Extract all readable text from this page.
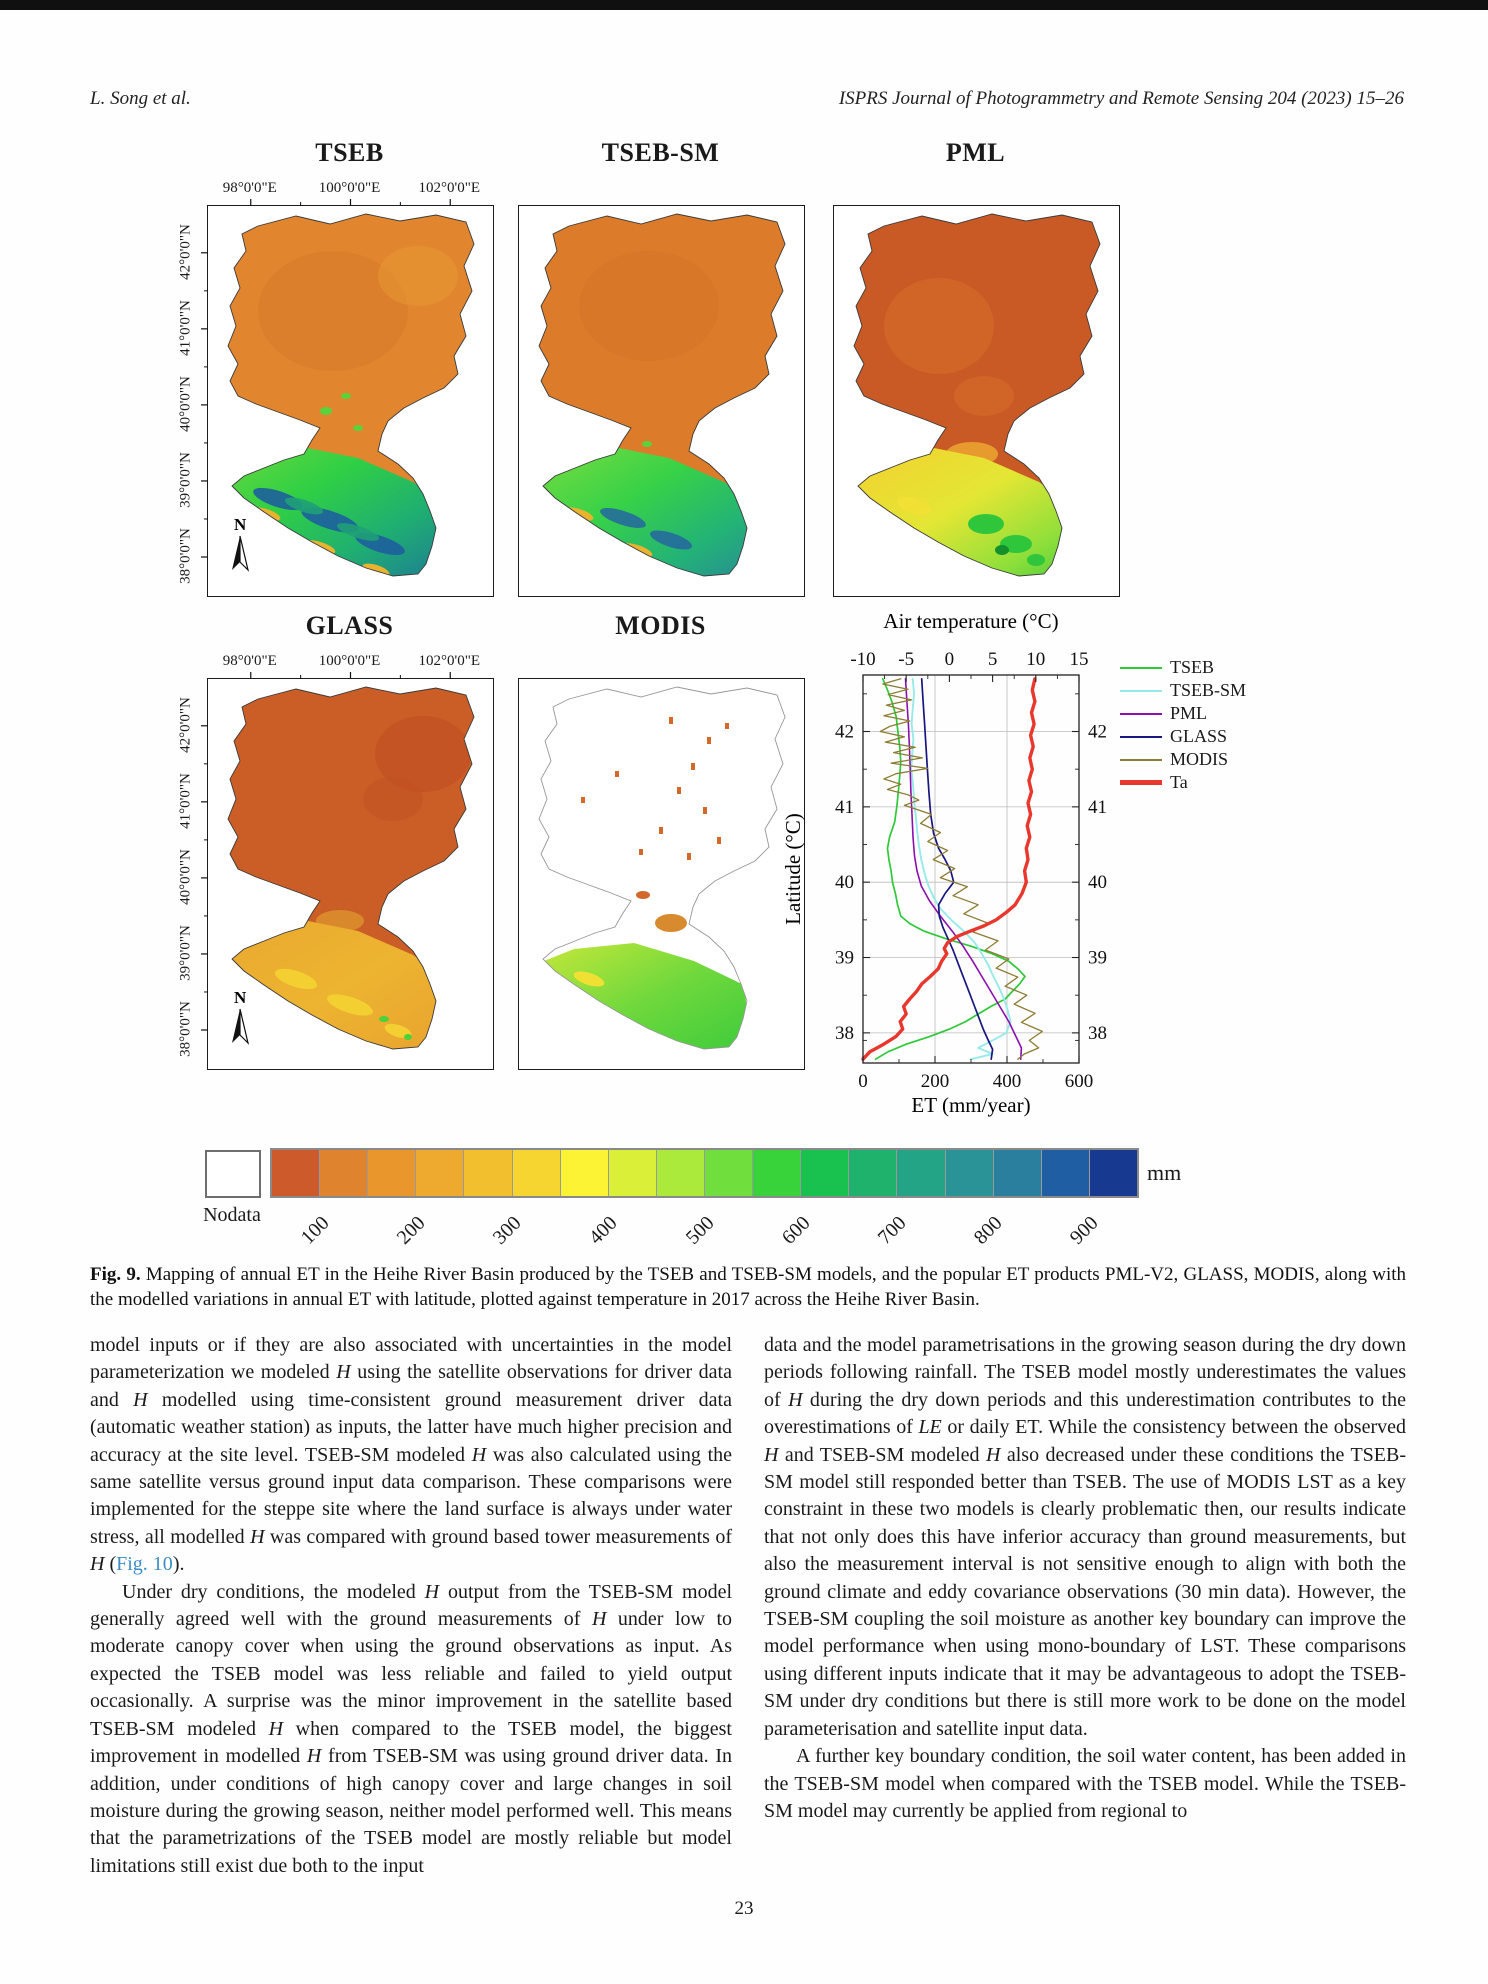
L. Song et al.	ISPRS Journal of Photogrammetry and Remote Sensing 204 (2023) 15–26
TSEB	TSEB-SM	PML
GLASS	MODIS
98°0'0"E	100°0'0"E	102°0'0"E
98°0'0"E	100°0'0"E	102°0'0"E
42°0'0"N
41°0'0"N
40°0'0"N
39°0'0"N
38°0'0"N
42°0'0"N
41°0'0"N
40°0'0"N
39°0'0"N
38°0'0"N
N
N
Air temperature (°C)
ET (mm/year)
Latitude (°C)
-10 -5 0 5 10 15
0	200 400 600
42	42
41	41
40	40
39	39
38	38
TSEB
TSEB-SM
PML
GLASS
MODIS
Ta
Nodata	100	200	300	400	500	600	700	800	900
mm
Fig. 9. Mapping of annual ET in the Heihe River Basin produced by the TSEB and TSEB-SM models, and the popular ET products PML-V2, GLASS, MODIS, along with the modelled variations in annual ET with latitude, plotted against temperature in 2017 across the Heihe River Basin.

model inputs or if they are also associated with uncertainties in the model parameterization we modeled H using the satellite observations for driver data and H modelled using time-consistent ground measurement driver data (automatic weather station) as inputs, the latter have much higher precision and accuracy at the site level. TSEB-SM modeled H was also calculated using the same satellite versus ground input data comparison. These comparisons were implemented for the steppe site where the land surface is always under water stress, all modelled H was compared with ground based tower measurements of H (Fig. 10).

Under dry conditions, the modeled H output from the TSEB-SM model generally agreed well with the ground measurements of H under low to moderate canopy cover when using the ground observations as input. As expected the TSEB model was less reliable and failed to yield output occasionally. A surprise was the minor improvement in the satellite based TSEB-SM modeled H when compared to the TSEB model, the biggest improvement in modelled H from TSEB-SM was using ground driver data. In addition, under conditions of high canopy cover and large changes in soil moisture during the growing season, neither model performed well. This means that the parametrizations of the TSEB model are mostly reliable but model limitations still exist due both to the input

data and the model parametrisations in the growing season during the dry down periods following rainfall. The TSEB model mostly underestimates the values of H during the dry down periods and this underestimation contributes to the overestimations of LE or daily ET. While the consistency between the observed H and TSEB-SM modeled H also decreased under these conditions the TSEB-SM model still responded better than TSEB. The use of MODIS LST as a key constraint in these two models is clearly problematic then, our results indicate that not only does this have inferior accuracy than ground measurements, but also the measurement interval is not sensitive enough to align with both the ground climate and eddy covariance observations (30 min data). However, the TSEB-SM coupling the soil moisture as another key boundary can improve the model performance when using mono-boundary of LST. These comparisons using different inputs indicate that it may be advantageous to adopt the TSEB-SM under dry conditions but there is still more work to be done on the model parameterisation and satellite input data.

A further key boundary condition, the soil water content, has been added in the TSEB-SM model when compared with the TSEB model. While the TSEB-SM model may currently be applied from regional to

23
